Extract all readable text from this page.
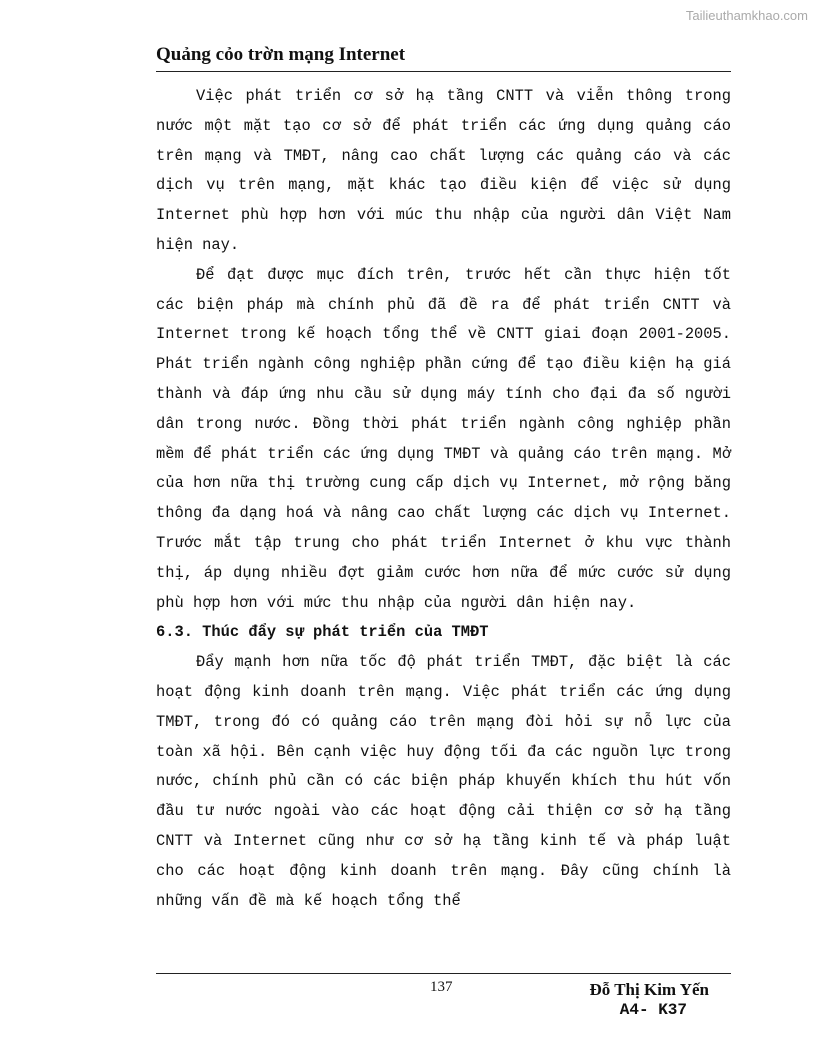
Tailieuthamkhao.com
Quảng cỏo trờn mạng Internet

Việc phát triển cơ sở hạ tầng CNTT và viễn thông trong nước một mặt tạo cơ sở để phát triển các ứng dụng quảng cáo trên mạng và TMĐT, nâng cao chất lượng các quảng cáo và các dịch vụ trên mạng, mặt khác tạo điều kiện để việc sử dụng Internet phù hợp hơn với múc thu nhập của người dân Việt Nam hiện nay.

Để đạt được mục đích trên, trước hết cần thực hiện tốt các biện pháp mà chính phủ đã đề ra để phát triển CNTT và Internet trong kế hoạch tổng thể về CNTT giai đoạn 2001-2005. Phát triển ngành công nghiệp phần cứng để tạo điều kiện hạ giá thành và đáp ứng nhu cầu sử dụng máy tính cho đại đa số người dân trong nước. Đồng thời phát triển ngành công nghiệp phần mềm để phát triển các ứng dụng TMĐT và quảng cáo trên mạng. Mở của hơn nữa thị trường cung cấp dịch vụ Internet, mở rộng băng thông đa dạng hoá và nâng cao chất lượng các dịch vụ Internet. Trước mắt tập trung cho phát triển Internet ở khu vực thành thị, áp dụng nhiều đợt giảm cước hơn nữa để mức cước sử dụng phù hợp hơn với mức thu nhập của người dân hiện nay.

6.3. Thúc đẩy sự phát triển của TMĐT

Đẩy mạnh hơn nữa tốc độ phát triển TMĐT, đặc biệt là các hoạt động kinh doanh trên mạng. Việc phát triển các ứng dụng TMĐT, trong đó có quảng cáo trên mạng đòi hỏi sự nỗ lực của toàn xã hội. Bên cạnh việc huy động tối đa các nguồn lực trong nước, chính phủ cần có các biện pháp khuyến khích thu hút vốn đầu tư nước ngoài vào các hoạt động cải thiện cơ sở hạ tầng CNTT và Internet cũng như cơ sở hạ tầng kinh tế và pháp luật cho các hoạt động kinh doanh trên mạng. Đây cũng chính là những vấn đề mà kế hoạch tổng thể

137	Đỗ Thị Kim Yến
A4- K37
